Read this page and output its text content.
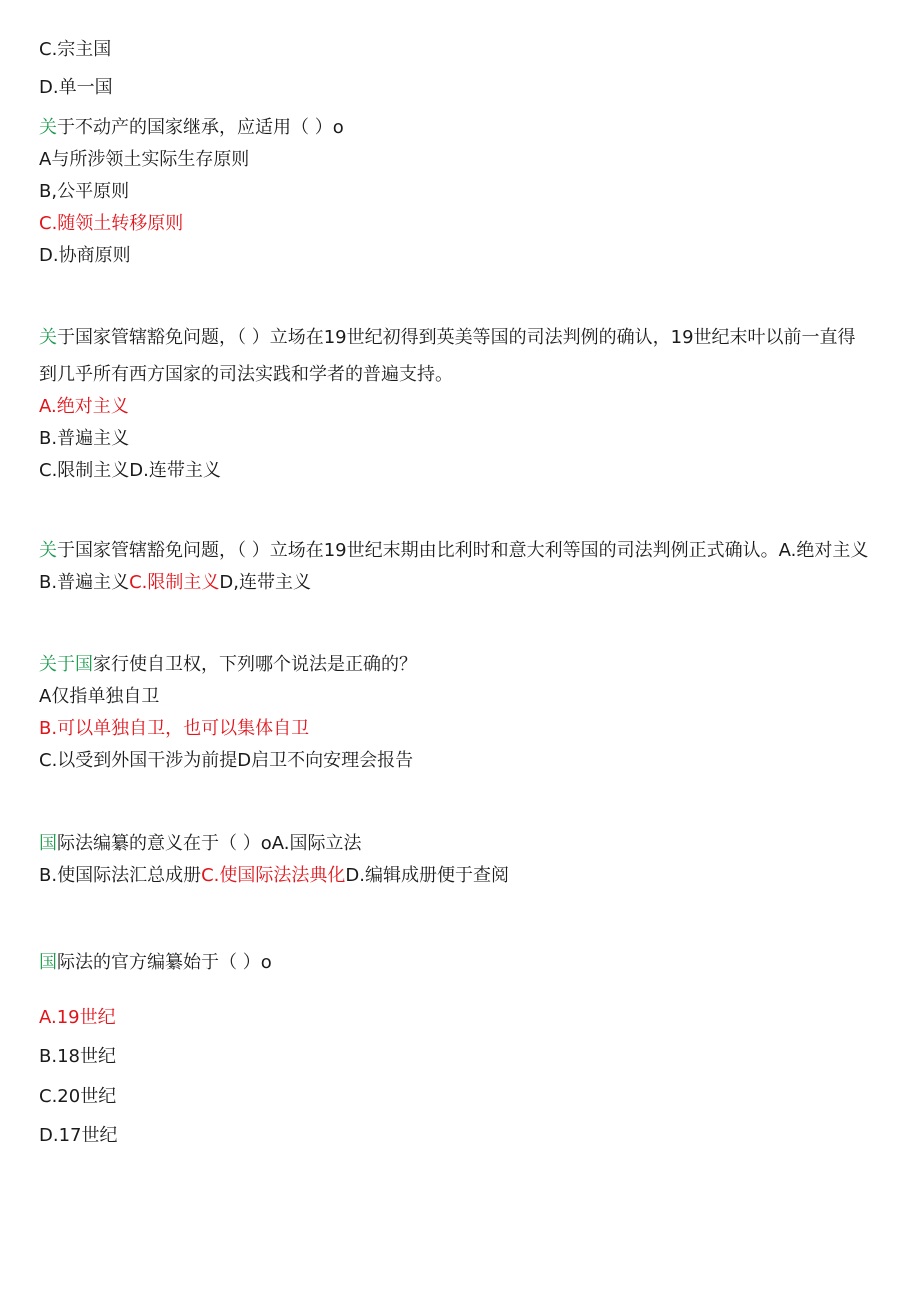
C.宗主国
D.单一国
关于不动产的国家继承，应适用（ ）o
A与所涉领土实际生存原则
B,公平原则
C.随领土转移原则
D.协商原则
关于国家管辖豁免问题，（ ）立场在19世纪初得到英美等国的司法判例的确认，19世纪末叶以前一直得
到几乎所有西方国家的司法实践和学者的普遍支持。
A.绝对主义
B.普遍主义
C.限制主义D.连带主义
关于国家管辖豁免问题，（ ）立场在19世纪末期由比利时和意大利等国的司法判例正式确认。A.绝对主义
B.普遍主义C.限制主义D,连带主义
关于国家行使自卫权，下列哪个说法是正确的？
A仅指单独自卫
B.可以单独自卫，也可以集体自卫
C.以受到外国干涉为前提D启卫不向安理会报告
国际法编纂的意义在于（ ）oA.国际立法
B.使国际法汇总成册C.使国际法法典化D.编辑成册便于查阅
国际法的官方编纂始于（ ）o
A.19世纪
B.18世纪
C.20世纪
D.17世纪
